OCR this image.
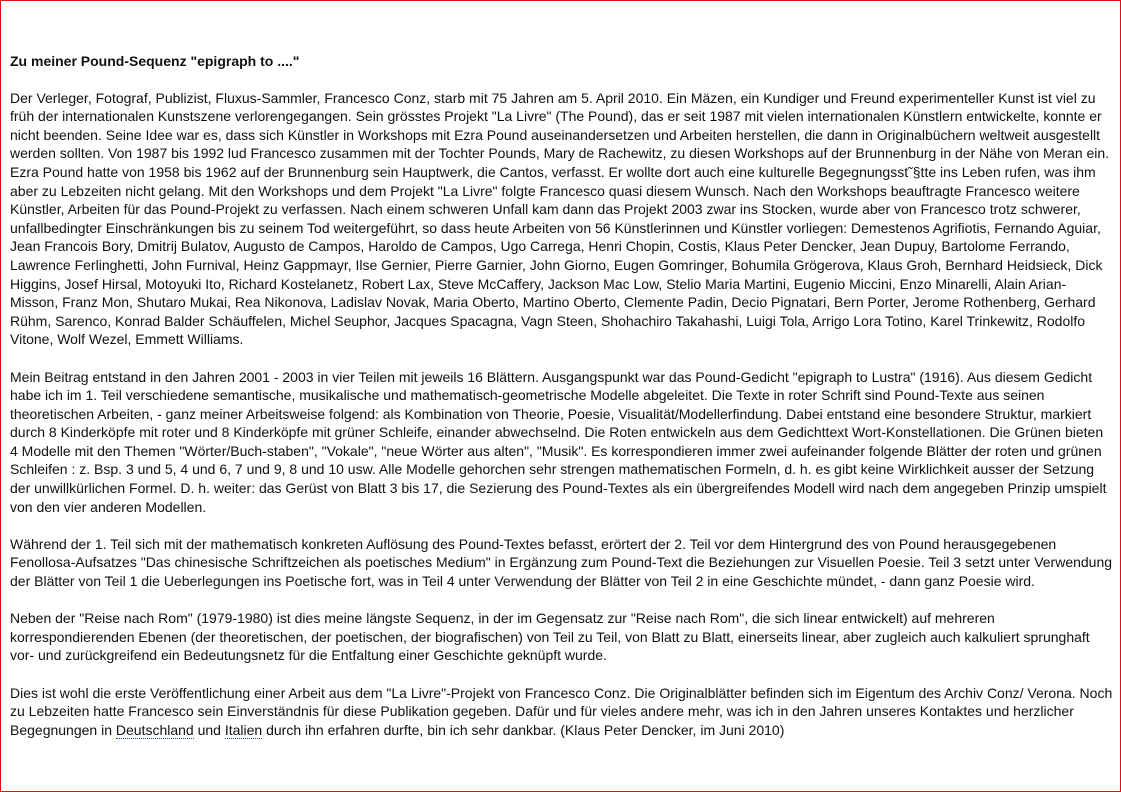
Zu meiner Pound-Sequenz "epigraph to ...."

Der Verleger, Fotograf, Publizist, Fluxus-Sammler, Francesco Conz, starb mit 75 Jahren am 5. April 2010. Ein Mäzen, ein Kundiger und Freund experimenteller Kunst ist viel zu früh der internationalen Kunstszene verlorengegangen. Sein grösstes Projekt "La Livre" (The Pound), das er seit 1987 mit vielen internationalen Künstlern entwickelte, konnte er nicht beenden. Seine Idee war es, dass sich Künstler in Workshops mit Ezra Pound auseinandersetzen und Arbeiten herstellen, die dann in Originalbüchern weltweit ausgestellt werden sollten. Von 1987 bis 1992 lud Francesco zusammen mit der Tochter Pounds, Mary de Rachewitz, zu diesen Workshops auf der Brunnenburg in der Nähe von Meran ein. Ezra Pound hatte von 1958 bis 1962 auf der Brunnenburg sein Hauptwerk, die Cantos, verfasst. Er wollte dort auch eine kulturelle Begegnungsst˜§tte ins Leben rufen, was ihm aber zu Lebzeiten nicht gelang. Mit den Workshops und dem Projekt "La Livre" folgte Francesco quasi diesem Wunsch. Nach den Workshops beauftragte Francesco weitere Künstler, Arbeiten für das Pound-Projekt zu verfassen. Nach einem schweren Unfall kam dann das Projekt 2003 zwar ins Stocken, wurde aber von Francesco trotz schwerer, unfallbedingter Einschränkungen bis zu seinem Tod weitergeführt, so dass heute Arbeiten von 56 Künstlerinnen und Künstler vorliegen: Demestenos Agrifiotis, Fernando Aguiar, Jean Francois Bory, Dmitrij Bulatov, Augusto de Campos, Haroldo de Campos, Ugo Carrega, Henri Chopin, Costis, Klaus Peter Dencker, Jean Dupuy, Bartolome Ferrando, Lawrence Ferlinghetti, John Furnival, Heinz Gappmayr, Ilse Gernier, Pierre Garnier, John Giorno, Eugen Gomringer, Bohumila Grögerova, Klaus Groh, Bernhard Heidsieck, Dick Higgins, Josef Hirsal, Motoyuki Ito, Richard Kostelanetz, Robert Lax, Steve McCaffery, Jackson Mac Low, Stelio Maria Martini, Eugenio Miccini, Enzo Minarelli, Alain Arian-Misson, Franz Mon, Shutaro Mukai, Rea Nikonova, Ladislav Novak, Maria Oberto, Martino Oberto, Clemente Padin, Decio Pignatari, Bern Porter, Jerome Rothenberg, Gerhard Rühm, Sarenco, Konrad Balder Schäuffelen, Michel Seuphor, Jacques Spacagna, Vagn Steen, Shohachiro Takahashi, Luigi Tola, Arrigo Lora Totino, Karel Trinkewitz, Rodolfo Vitone, Wolf Wezel, Emmett Williams.

Mein Beitrag entstand in den Jahren 2001 - 2003 in vier Teilen mit jeweils 16 Blättern. Ausgangspunkt war das Pound-Gedicht "epigraph to Lustra" (1916). Aus diesem Gedicht habe ich im 1. Teil verschiedene semantische, musikalische und mathematisch-geometrische Modelle abgeleitet. Die Texte in roter Schrift sind Pound-Texte aus seinen theoretischen Arbeiten, - ganz meiner Arbeitsweise folgend: als Kombination von Theorie, Poesie, Visualität/Modellerfindung. Dabei entstand eine besondere Struktur, markiert durch 8 Kinderköpfe mit roter und 8 Kinderköpfe mit grüner Schleife, einander abwechselnd. Die Roten entwickeln aus dem Gedichttext Wort-Konstellationen. Die Grünen bieten 4 Modelle mit den Themen "Wörter/Buch-staben", "Vokale", "neue Wörter aus alten", "Musik". Es korrespondieren immer zwei aufeinander folgende Blätter der roten und grünen Schleifen : z. Bsp. 3 und 5, 4 und 6, 7 und 9, 8 und 10 usw. Alle Modelle gehorchen sehr strengen mathematischen Formeln, d. h. es gibt keine Wirklichkeit ausser der Setzung der unwillkürlichen Formel. D. h. weiter: das Gerüst von Blatt 3 bis 17, die Sezierung des Pound-Textes als ein übergreifendes Modell wird nach dem angegeben Prinzip umspielt von den vier anderen Modellen.

Während der 1. Teil sich mit der mathematisch konkreten Auflösung des Pound-Textes befasst, erörtert der 2. Teil vor dem Hintergrund des von Pound herausgegebenen Fenollosa-Aufsatzes "Das chinesische Schriftzeichen als poetisches Medium" in Ergänzung zum Pound-Text die Beziehungen zur Visuellen Poesie. Teil 3 setzt unter Verwendung der Blätter von Teil 1 die Ueberlegungen ins Poetische fort, was in Teil 4 unter Verwendung der Blätter von Teil 2 in eine Geschichte mündet, - dann ganz Poesie wird.

Neben der "Reise nach Rom" (1979-1980) ist dies meine längste Sequenz, in der im Gegensatz zur "Reise nach Rom", die sich linear entwickelt) auf mehreren korrespondierenden Ebenen (der theoretischen, der poetischen, der biografischen) von Teil zu Teil, von Blatt zu Blatt, einerseits linear, aber zugleich auch kalkuliert sprunghaft vor- und zurückgreifend ein Bedeutungsnetz für die Entfaltung einer Geschichte geknüpft wurde.

Dies ist wohl die erste Veröffentlichung einer Arbeit aus dem "La Livre"-Projekt von Francesco Conz. Die Originalblätter befinden sich im Eigentum des Archiv Conz/ Verona. Noch zu Lebzeiten hatte Francesco sein Einverständnis für diese Publikation gegeben. Dafür und für vieles andere mehr, was ich in den Jahren unseres Kontaktes und herzlicher Begegnungen in Deutschland und Italien durch ihn erfahren durfte, bin ich sehr dankbar. (Klaus Peter Dencker, im Juni 2010)
